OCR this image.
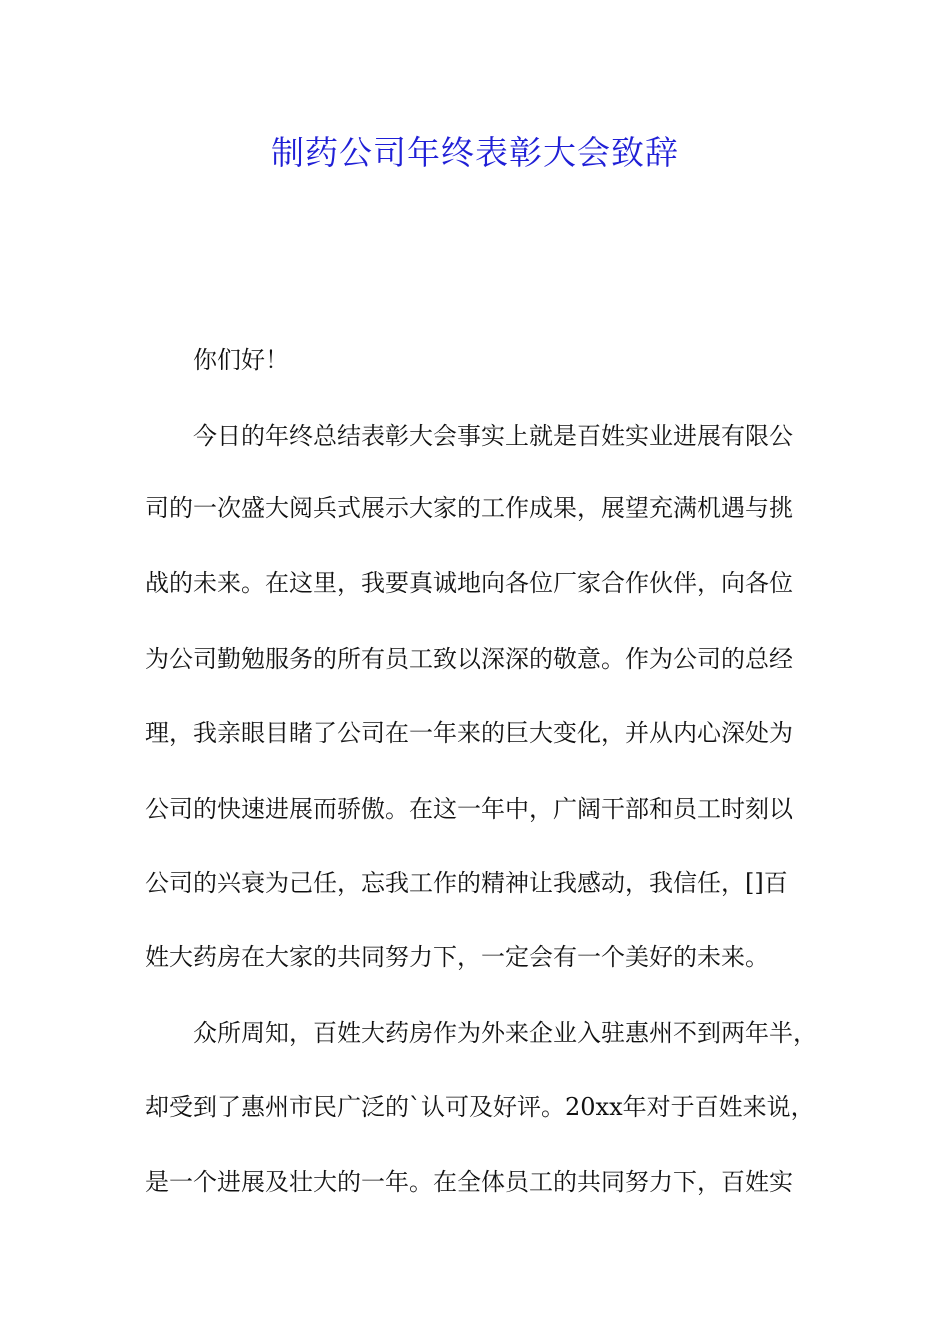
制药公司年终表彰大会致辞

你们好！

今日的年终总结表彰大会事实上就是百姓实业进展有限公

司的一次盛大阅兵式展示大家的工作成果，展望充满机遇与挑

战的未来。在这里，我要真诚地向各位厂家合作伙伴，向各位

为公司勤勉服务的所有员工致以深深的敬意。作为公司的总经

理，我亲眼目睹了公司在一年来的巨大变化，并从内心深处为

公司的快速进展而骄傲。在这一年中，广阔干部和员工时刻以

公司的兴衰为己任，忘我工作的精神让我感动，我信任，[]百

姓大药房在大家的共同努力下，一定会有一个美好的未来。

众所周知，百姓大药房作为外来企业入驻惠州不到两年半，

却受到了惠州市民广泛的`认可及好评。20xx年对于百姓来说，

是一个进展及壮大的一年。在全体员工的共同努力下，百姓实
